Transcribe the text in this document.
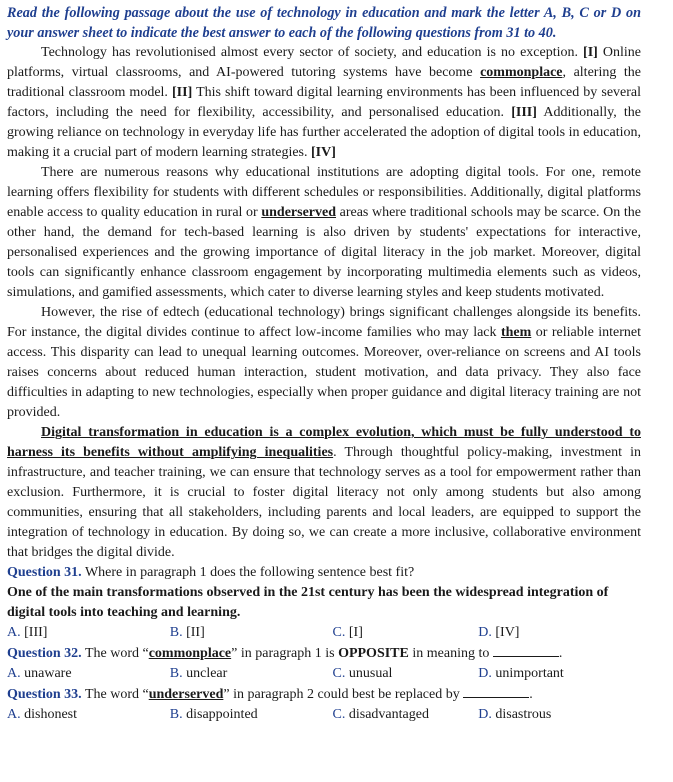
Read the following passage about the use of technology in education and mark the letter A, B, C or D on your answer sheet to indicate the best answer to each of the following questions from 31 to 40.

Technology has revolutionised almost every sector of society, and education is no exception. [I] Online platforms, virtual classrooms, and AI-powered tutoring systems have become commonplace, altering the traditional classroom model. [II] This shift toward digital learning environments has been influenced by several factors, including the need for flexibility, accessibility, and personalised education. [III] Additionally, the growing reliance on technology in everyday life has further accelerated the adoption of digital tools in education, making it a crucial part of modern learning strategies. [IV]

There are numerous reasons why educational institutions are adopting digital tools. For one, remote learning offers flexibility for students with different schedules or responsibilities. Additionally, digital platforms enable access to quality education in rural or underserved areas where traditional schools may be scarce. On the other hand, the demand for tech-based learning is also driven by students' expectations for interactive, personalised experiences and the growing importance of digital literacy in the job market. Moreover, digital tools can significantly enhance classroom engagement by incorporating multimedia elements such as videos, simulations, and gamified assessments, which cater to diverse learning styles and keep students motivated.

However, the rise of edtech (educational technology) brings significant challenges alongside its benefits. For instance, the digital divides continue to affect low-income families who may lack them or reliable internet access. This disparity can lead to unequal learning outcomes. Moreover, over-reliance on screens and AI tools raises concerns about reduced human interaction, student motivation, and data privacy. They also face difficulties in adapting to new technologies, especially when proper guidance and digital literacy training are not provided.

Digital transformation in education is a complex evolution, which must be fully understood to harness its benefits without amplifying inequalities. Through thoughtful policy-making, investment in infrastructure, and teacher training, we can ensure that technology serves as a tool for empowerment rather than exclusion. Furthermore, it is crucial to foster digital literacy not only among students but also among communities, ensuring that all stakeholders, including parents and local leaders, are equipped to support the integration of technology in education. By doing so, we can create a more inclusive, collaborative environment that bridges the digital divide.

Question 31. Where in paragraph 1 does the following sentence best fit?

One of the main transformations observed in the 21st century has been the widespread integration of digital tools into teaching and learning.

A. [III]	B. [II]	C. [I]	D. [IV]

Question 32. The word “commonplace” in paragraph 1 is OPPOSITE in meaning to	.

A. unaware	B. unclear	C. unusual	D. unimportant

Question 33. The word “underserved” in paragraph 2 could best be replaced by	.

A. dishonest	B. disappointed	C. disadvantaged	D. disastrous
